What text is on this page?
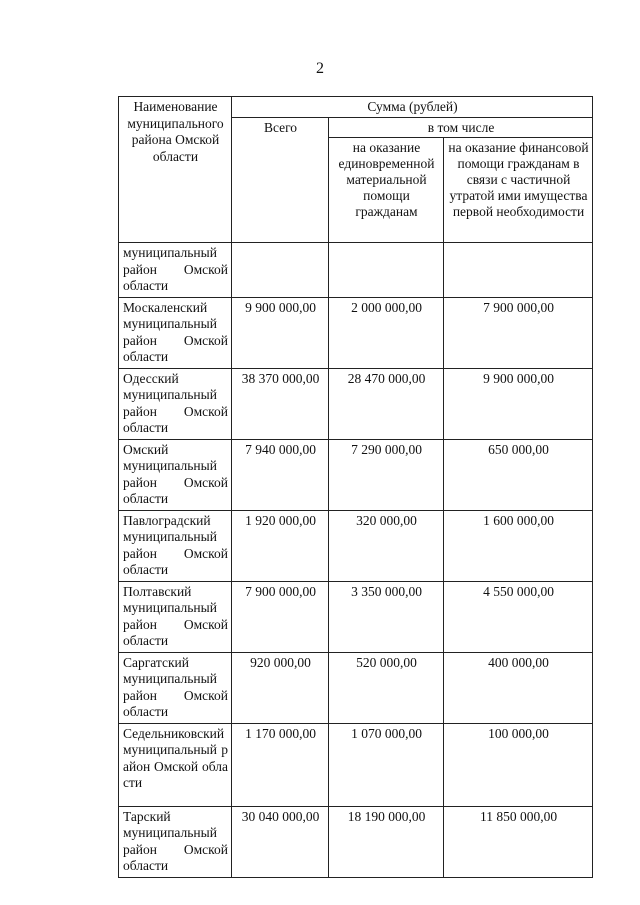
2
Наименование муниципального района Омской области	Сумма (рублей)		
	Всего	в том числе	
		на оказание единовременной материальной помощи гражданам	на оказание финансовой помощи гражданам в связи с частичной утратой ими имущества первой необходимости
муниципальный район Омской области			
Москаленский муниципальный район Омской области	9 900 000,00	2 000 000,00	7 900 000,00
Одесский муниципальный район Омской области	38 370 000,00	28 470 000,00	9 900 000,00
Омский муниципальный район Омской области	7 940 000,00	7 290 000,00	650 000,00
Павлоградский муниципальный район Омской области	1 920 000,00	320 000,00	1 600 000,00
Полтавский муниципальный район Омской области	7 900 000,00	3 350 000,00	4 550 000,00
Саргатский муниципальный район Омской области	920 000,00	520 000,00	400 000,00
Седельниковский муниципальный район Омской области	1 170 000,00	1 070 000,00	100 000,00
Тарский муниципальный район Омской области	30 040 000,00	18 190 000,00	11 850 000,00
